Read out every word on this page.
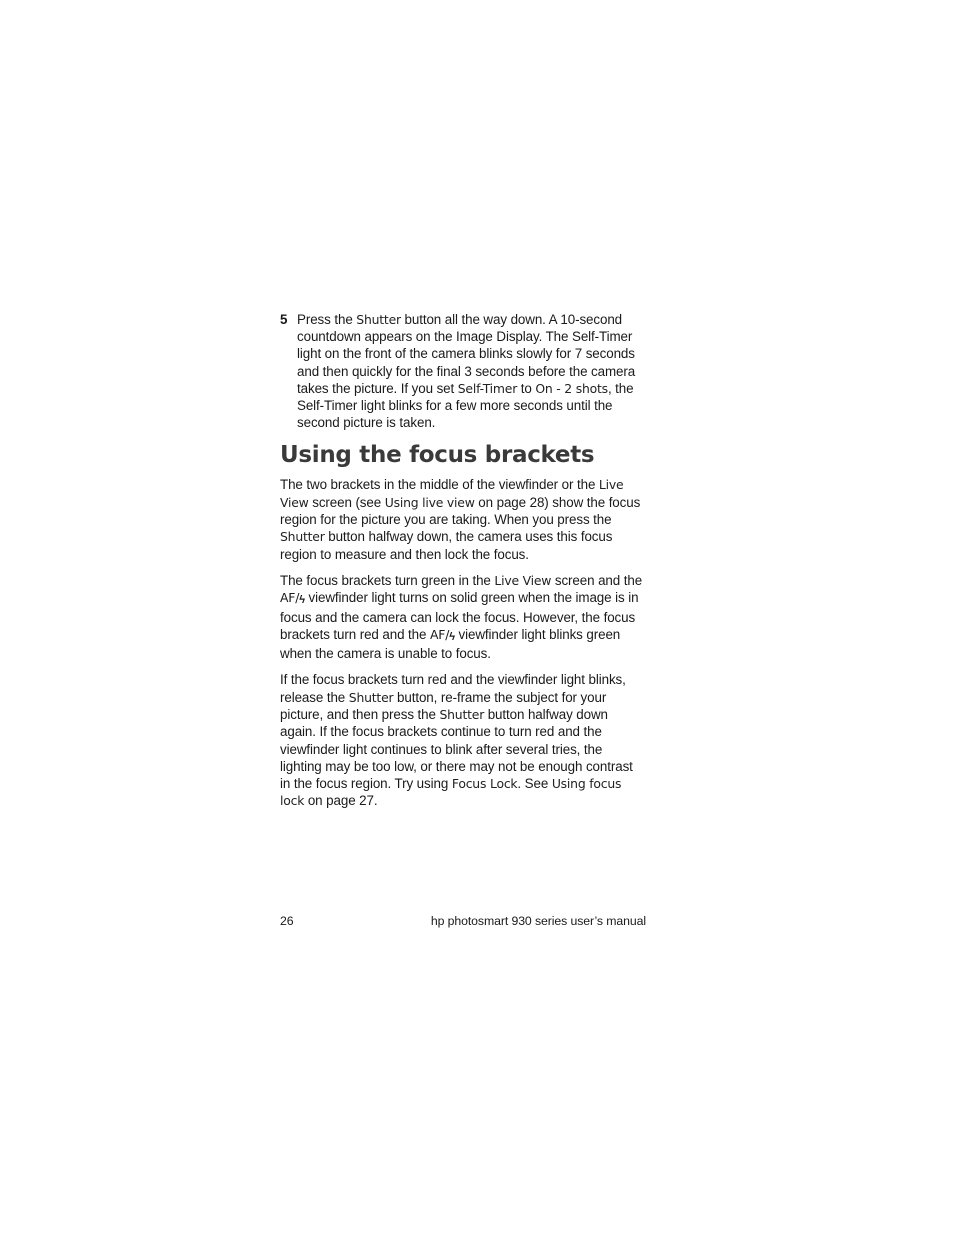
5 Press the Shutter button all the way down. A 10-second countdown appears on the Image Display. The Self-Timer light on the front of the camera blinks slowly for 7 seconds and then quickly for the final 3 seconds before the camera takes the picture. If you set Self-Timer to On - 2 shots, the Self-Timer light blinks for a few more seconds until the second picture is taken.
Using the focus brackets

The two brackets in the middle of the viewfinder or the Live View screen (see Using live view on page 28) show the focus region for the picture you are taking. When you press the Shutter button halfway down, the camera uses this focus region to measure and then lock the focus.

The focus brackets turn green in the Live View screen and the AF/ϟ viewfinder light turns on solid green when the image is in focus and the camera can lock the focus. However, the focus brackets turn red and the AF/ϟ viewfinder light blinks green when the camera is unable to focus.

If the focus brackets turn red and the viewfinder light blinks, release the Shutter button, re-frame the subject for your picture, and then press the Shutter button halfway down again. If the focus brackets continue to turn red and the viewfinder light continues to blink after several tries, the lighting may be too low, or there may not be enough contrast in the focus region. Try using Focus Lock. See Using focus lock on page 27.

26	hp photosmart 930 series user’s manual
